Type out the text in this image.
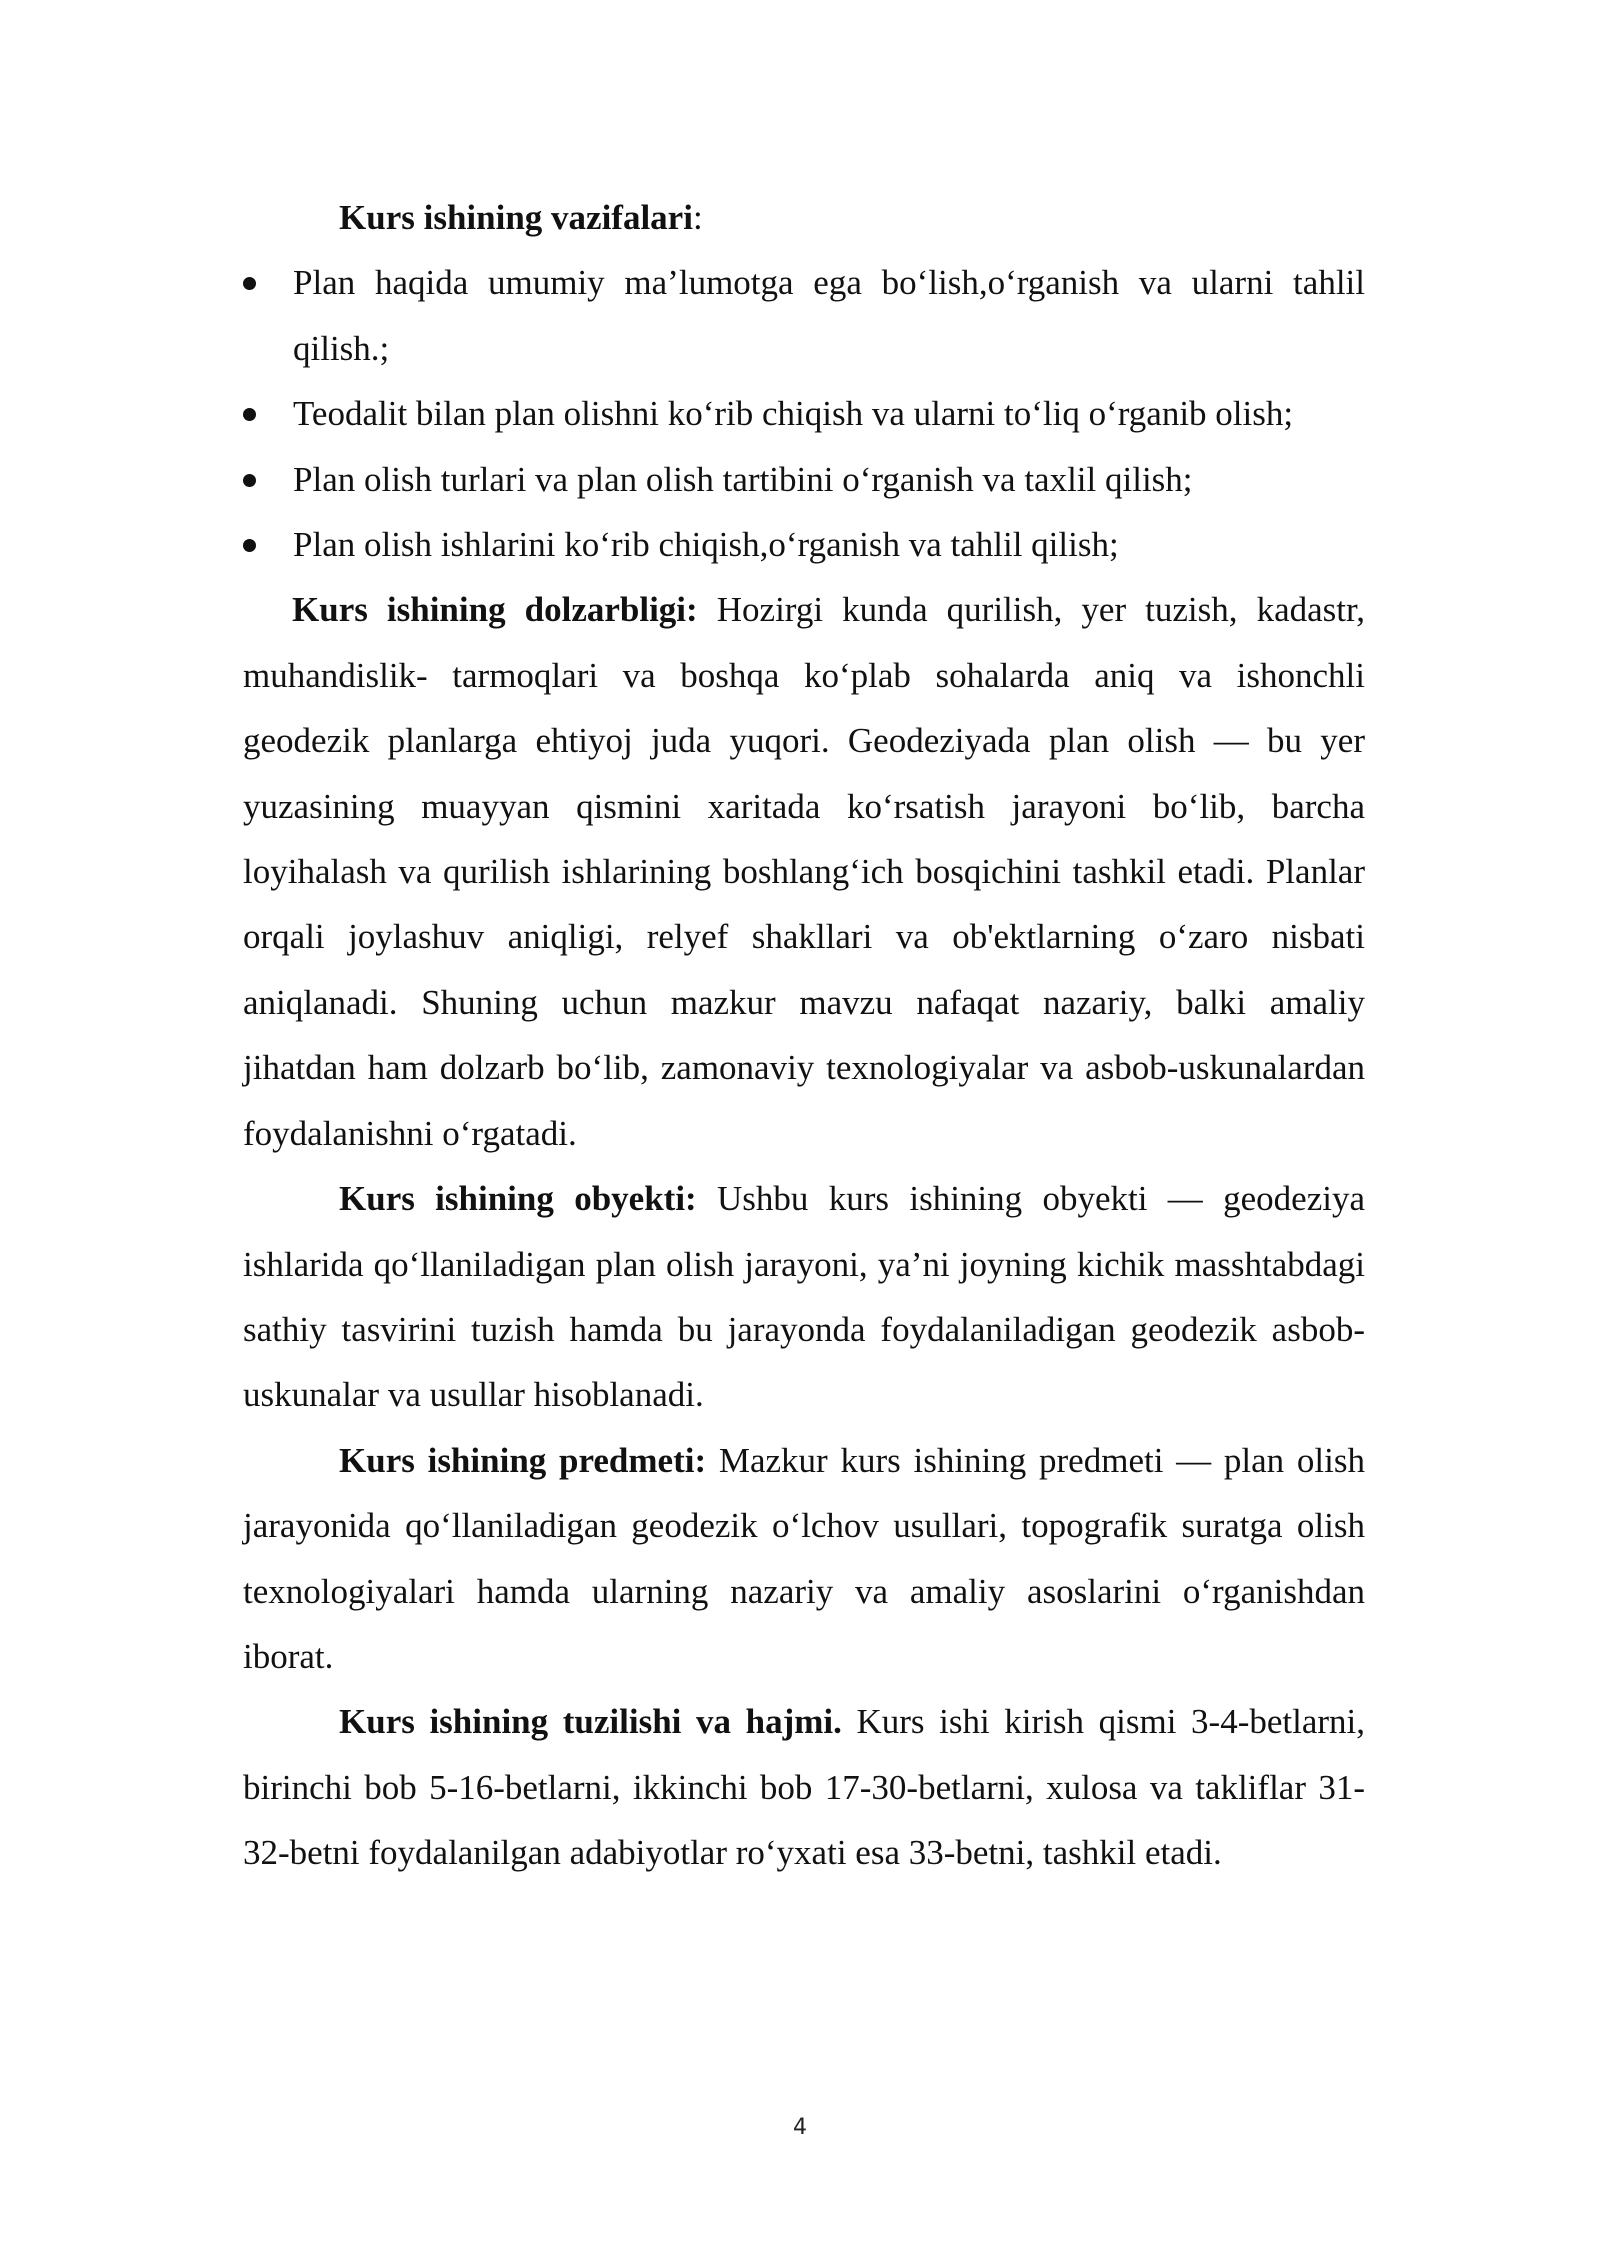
Kurs ishining vazifalari:

Plan haqida umumiy ma’lumotga ega bo‘lish,o‘rganish va ularni tahlil qilish.;
Teodalit bilan plan olishni ko‘rib chiqish va ularni to‘liq o‘rganib olish;
Plan olish turlari va plan olish tartibini o‘rganish va taxlil qilish;
Plan olish ishlarini ko‘rib chiqish,o‘rganish va tahlil qilish;

Kurs ishining dolzarbligi: Hozirgi kunda qurilish, yer tuzish, kadastr, muhandislik- tarmoqlari va boshqa ko‘plab sohalarda aniq va ishonchli geodezik planlarga ehtiyoj juda yuqori. Geodeziyada plan olish — bu yer yuzasining muayyan qismini xaritada ko‘rsatish jarayoni bo‘lib, barcha loyihalash va qurilish ishlarining boshlang‘ich bosqichini tashkil etadi. Planlar orqali joylashuv aniqligi, relyef shakllari va ob'ektlarning o‘zaro nisbati aniqlanadi. Shuning uchun mazkur mavzu nafaqat nazariy, balki amaliy jihatdan ham dolzarb bo‘lib, zamonaviy texnologiyalar va asbob-uskunalardan foydalanishni o‘rgatadi.

Kurs ishining obyekti: Ushbu kurs ishining obyekti — geodeziya ishlarida qo‘llaniladigan plan olish jarayoni, ya’ni joyning kichik masshtabdagi sathiy tasvirini tuzish hamda bu jarayonda foydalaniladigan geodezik asbob-uskunalar va usullar hisoblanadi.

Kurs ishining predmeti: Mazkur kurs ishining predmeti — plan olish jarayonida qo‘llaniladigan geodezik o‘lchov usullari, topografik suratga olish texnologiyalari hamda ularning nazariy va amaliy asoslarini o‘rganishdan iborat.

Kurs ishining tuzilishi va hajmi. Kurs ishi kirish qismi 3-4-betlarni, birinchi bob 5-16-betlarni, ikkinchi bob 17-30-betlarni, xulosa va takliflar 31-32-betni foydalanilgan adabiyotlar ro‘yxati esa 33-betni, tashkil etadi.

4
